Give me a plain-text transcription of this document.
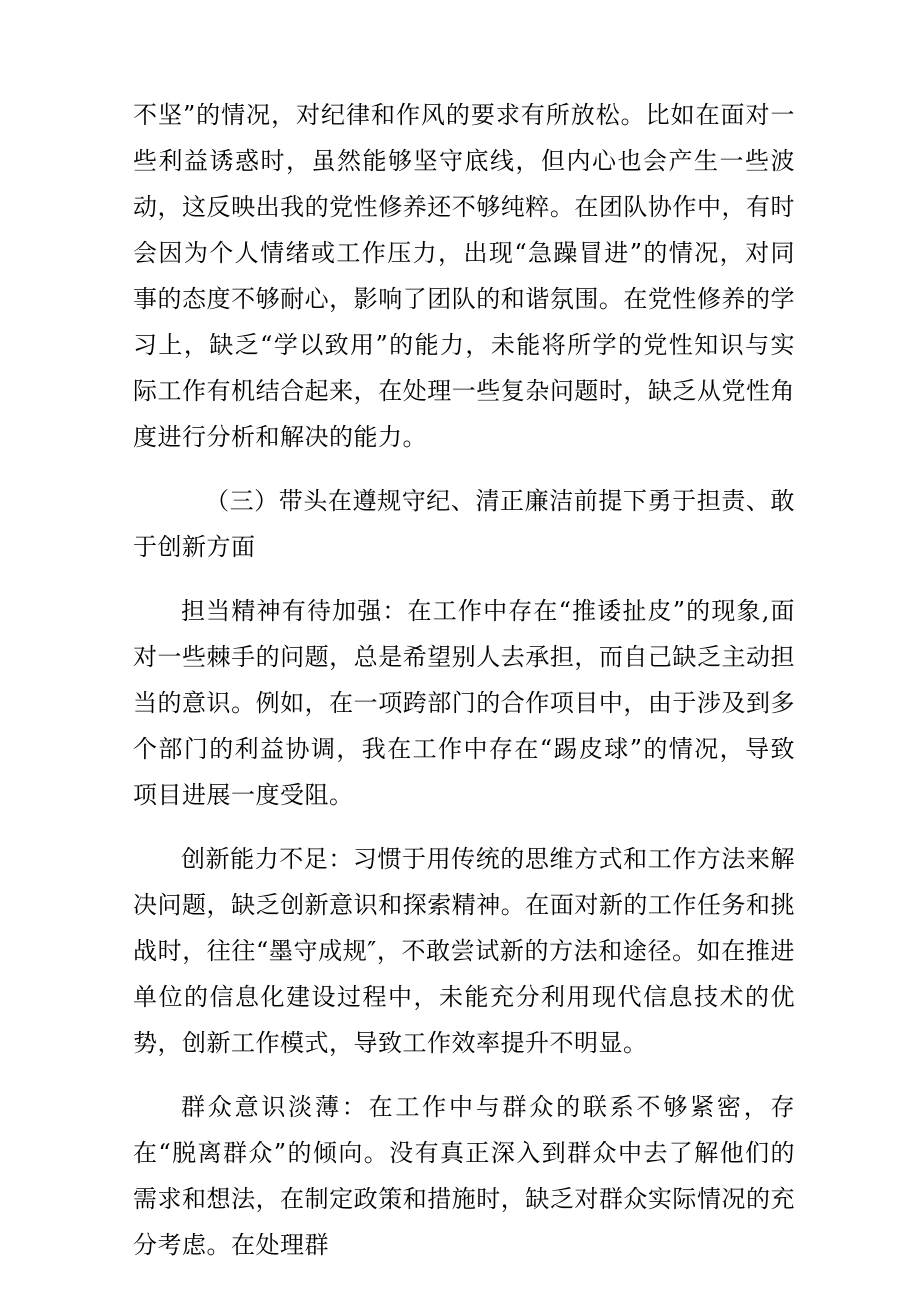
不坚”的情况，对纪律和作风的要求有所放松。比如在面对一些利益诱惑时，虽然能够坚守底线，但内心也会产生一些波动，这反映出我的党性修养还不够纯粹。在团队协作中，有时会因为个人情绪或工作压力，出现“急躁冒进”的情况，对同事的态度不够耐心，影响了团队的和谐氛围。在党性修养的学习上，缺乏“学以致用”的能力，未能将所学的党性知识与实际工作有机结合起来，在处理一些复杂问题时，缺乏从党性角度进行分析和解决的能力。

（三）带头在遵规守纪、清正廉洁前提下勇于担责、敢于创新方面

担当精神有待加强：在工作中存在“推诿扯皮”的现象,面对一些棘手的问题，总是希望别人去承担，而自己缺乏主动担当的意识。例如，在一项跨部门的合作项目中，由于涉及到多个部门的利益协调，我在工作中存在“踢皮球”的情况，导致项目进展一度受阻。

创新能力不足：习惯于用传统的思维方式和工作方法来解决问题，缺乏创新意识和探索精神。在面对新的工作任务和挑战时，往往“墨守成规″，不敢尝试新的方法和途径。如在推进单位的信息化建设过程中，未能充分利用现代信息技术的优势，创新工作模式，导致工作效率提升不明显。

群众意识淡薄：在工作中与群众的联系不够紧密，存在“脱离群众”的倾向。没有真正深入到群众中去了解他们的需求和想法，在制定政策和措施时，缺乏对群众实际情况的充分考虑。在处理群
